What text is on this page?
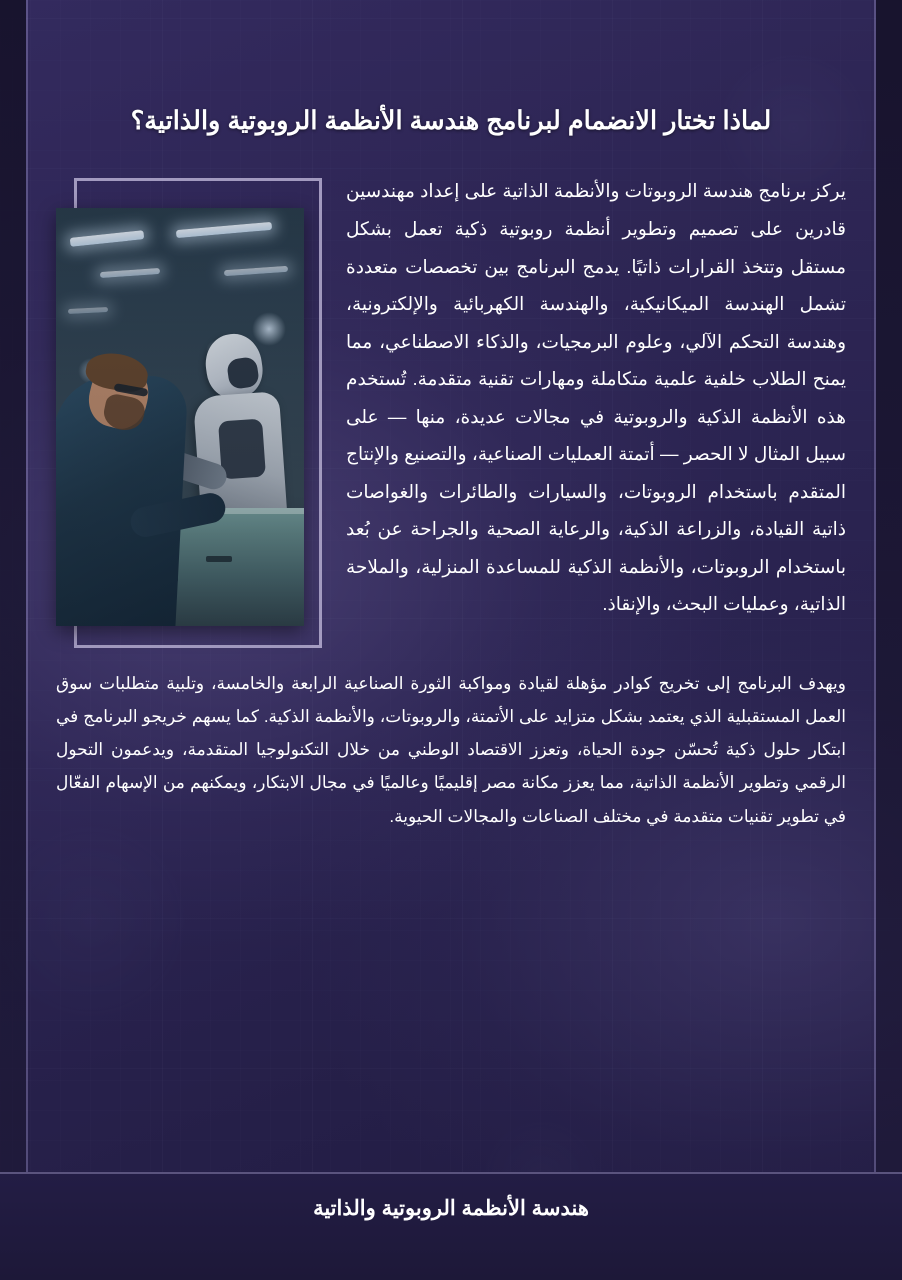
لماذا تختار الانضمام لبرنامج هندسة الأنظمة الروبوتية والذاتية؟
يركز برنامج هندسة الروبوتات والأنظمة الذاتية على إعداد مهندسين قادرين على تصميم وتطوير أنظمة روبوتية ذكية تعمل بشكل مستقل وتتخذ القرارات ذاتيًا. يدمج البرنامج بين تخصصات متعددة تشمل الهندسة الميكانيكية، والهندسة الكهربائية والإلكترونية، وهندسة التحكم الآلي، وعلوم البرمجيات، والذكاء الاصطناعي، مما يمنح الطلاب خلفية علمية متكاملة ومهارات تقنية متقدمة. تُستخدم هذه الأنظمة الذكية والروبوتية في مجالات عديدة، منها — على سبيل المثال لا الحصر — أتمتة العمليات الصناعية، والتصنيع والإنتاج المتقدم باستخدام الروبوتات، والسيارات والطائرات والغواصات ذاتية القيادة، والزراعة الذكية، والرعاية الصحية والجراحة عن بُعد باستخدام الروبوتات، والأنظمة الذكية للمساعدة المنزلية، والملاحة الذاتية، وعمليات البحث، والإنقاذ.

ويهدف البرنامج إلى تخريج كوادر مؤهلة لقيادة ومواكبة الثورة الصناعية الرابعة والخامسة، وتلبية متطلبات سوق العمل المستقبلية الذي يعتمد بشكل متزايد على الأتمتة، والروبوتات، والأنظمة الذكية. كما يسهم خريجو البرنامج في ابتكار حلول ذكية تُحسّن جودة الحياة، وتعزز الاقتصاد الوطني من خلال التكنولوجيا المتقدمة، ويدعمون التحول الرقمي وتطوير الأنظمة الذاتية، مما يعزز مكانة مصر إقليميًا وعالميًا في مجال الابتكار، ويمكنهم من الإسهام الفعّال في تطوير تقنيات متقدمة في مختلف الصناعات والمجالات الحيوية.

هندسة الأنظمة الروبوتية والذاتية
